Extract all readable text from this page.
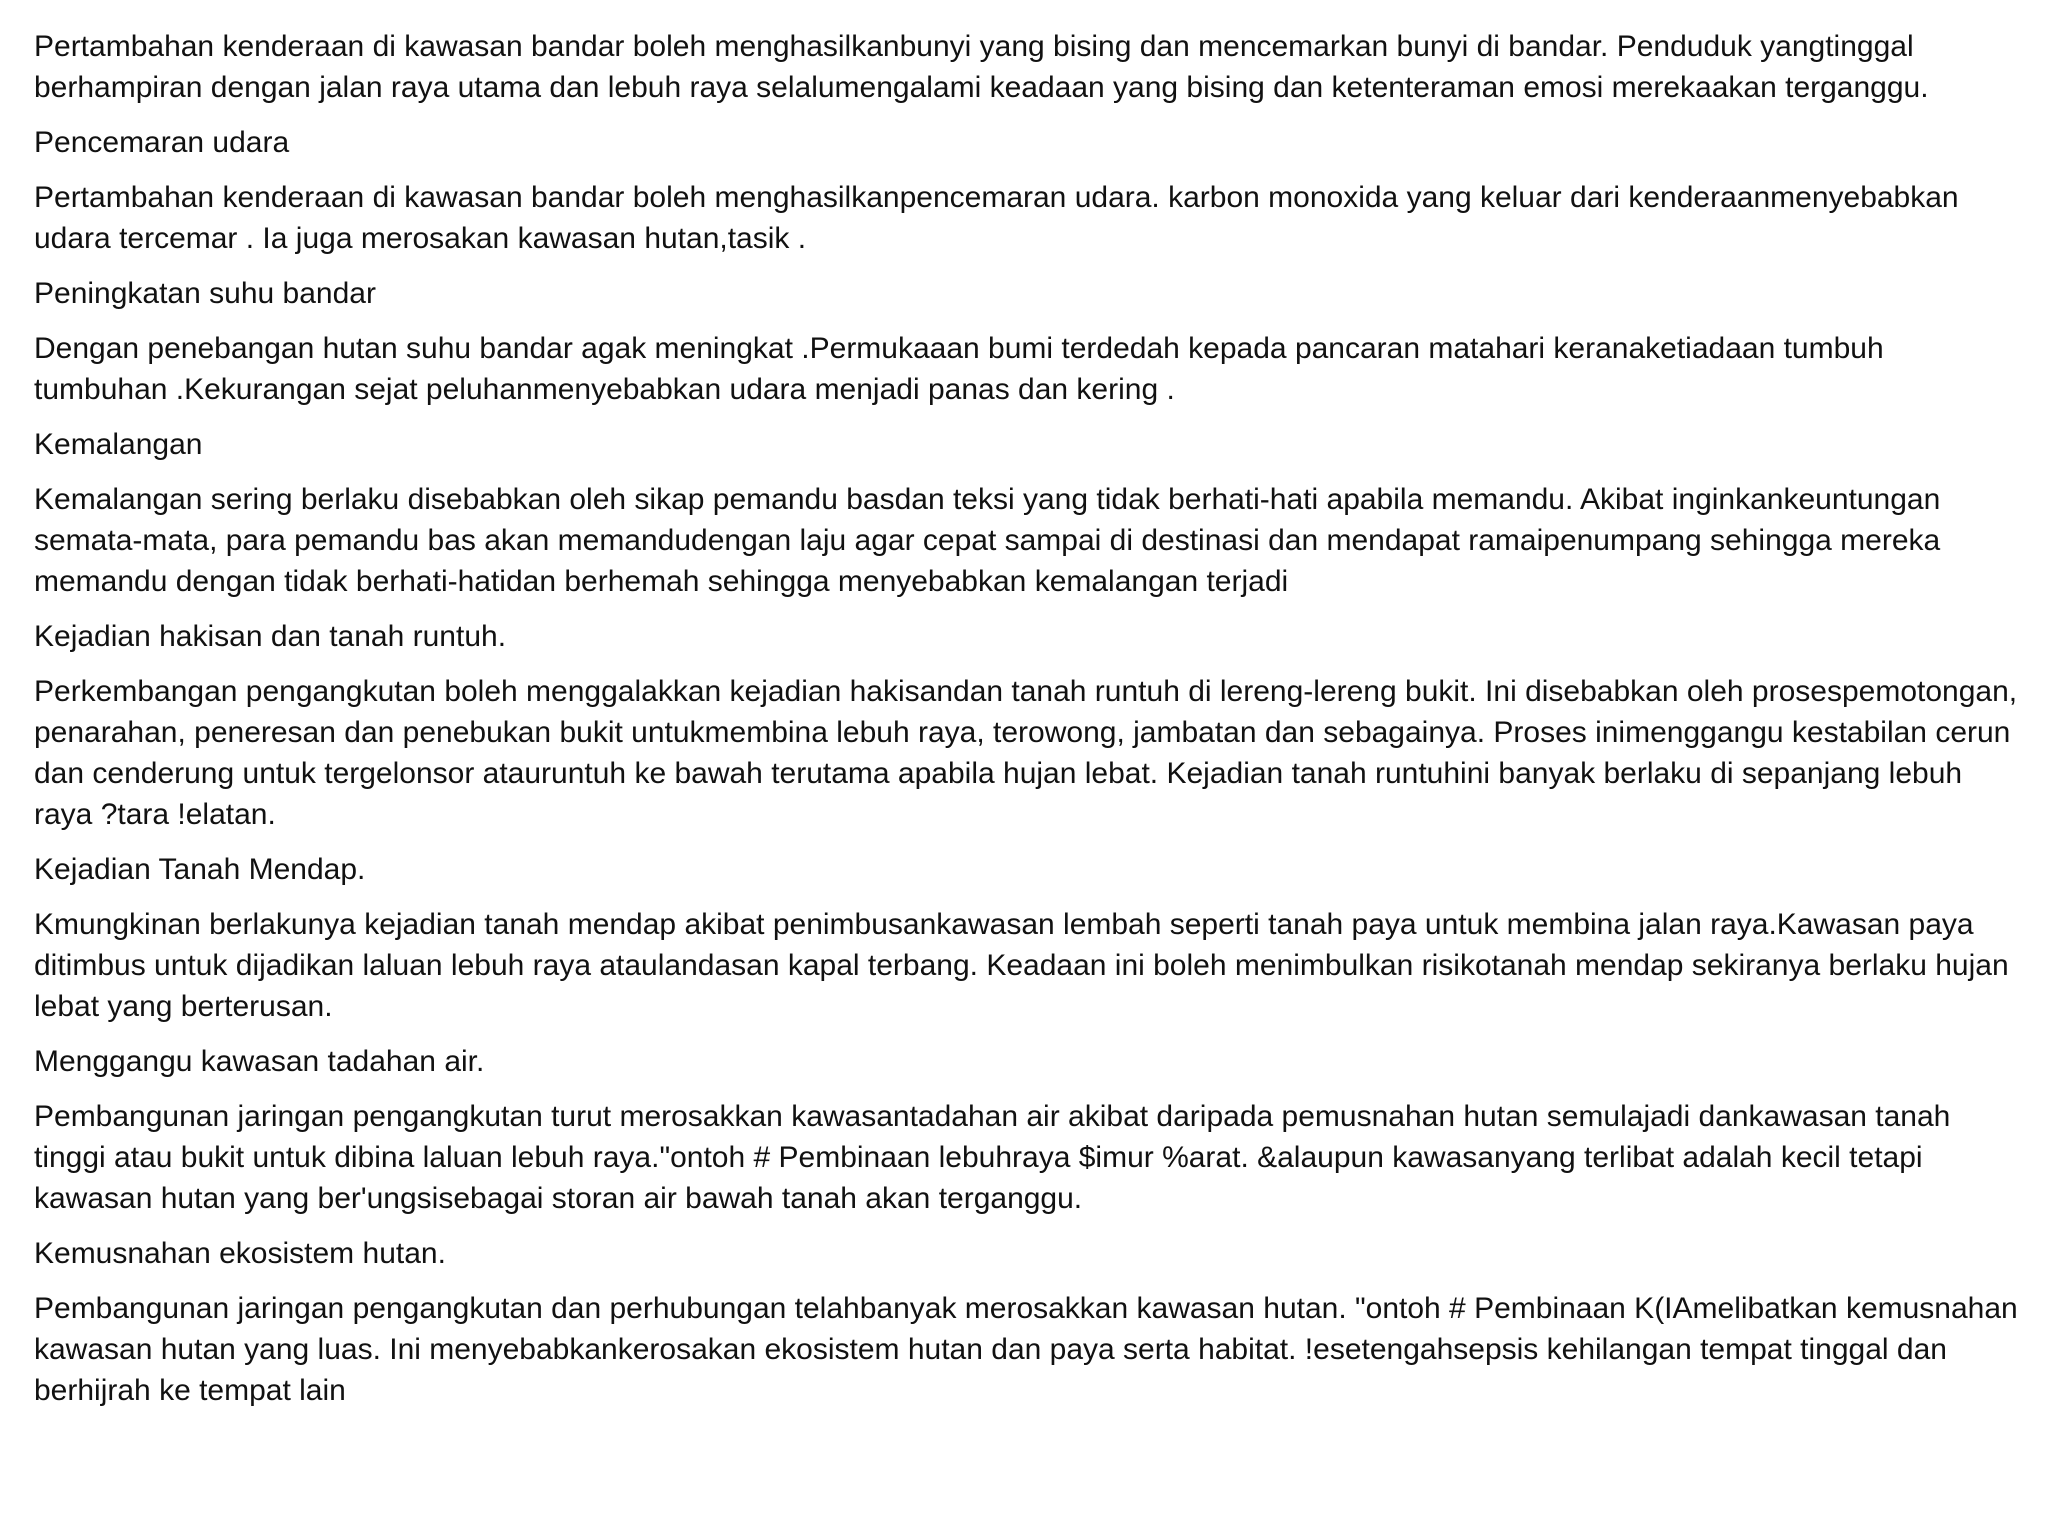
Pertambahan kenderaan di kawasan bandar boleh menghasilkanbunyi yang bising dan mencemarkan bunyi di bandar. Penduduk yangtinggal berhampiran dengan jalan raya utama dan lebuh raya selalumengalami keadaan yang bising dan ketenteraman emosi merekaakan terganggu.

Pencemaran udara

Pertambahan kenderaan di kawasan bandar boleh menghasilkanpencemaran udara. karbon monoxida yang keluar dari kenderaanmenyebabkan udara tercemar . Ia juga merosakan kawasan hutan,tasik .

Peningkatan suhu bandar

Dengan penebangan hutan suhu bandar agak meningkat .Permukaaan bumi terdedah kepada pancaran matahari keranaketiadaan tumbuh tumbuhan .Kekurangan sejat peluhanmenyebabkan udara menjadi panas dan kering .

Kemalangan

Kemalangan sering berlaku disebabkan oleh sikap pemandu basdan teksi yang tidak berhati-hati apabila memandu. Akibat inginkankeuntungan semata-mata, para pemandu bas akan memandudengan laju agar cepat sampai di destinasi dan mendapat ramaipenumpang sehingga mereka memandu dengan tidak berhati-hatidan berhemah sehingga menyebabkan kemalangan terjadi

Kejadian hakisan dan tanah runtuh.

Perkembangan pengangkutan boleh menggalakkan kejadian hakisandan tanah runtuh di lereng-lereng bukit. Ini disebabkan oleh prosespemotongan, penarahan, peneresan dan penebukan bukit untukmembina lebuh raya, terowong, jambatan dan sebagainya. Proses inimenggangu kestabilan cerun dan cenderung untuk tergelonsor atauruntuh ke bawah terutama apabila hujan lebat. Kejadian tanah runtuhini banyak berlaku di sepanjang lebuh raya ?tara !elatan.

Kejadian Tanah Mendap.

Kmungkinan berlakunya kejadian tanah mendap akibat penimbusankawasan lembah seperti tanah paya untuk membina jalan raya.Kawasan paya ditimbus untuk dijadikan laluan lebuh raya ataulandasan kapal terbang. Keadaan ini boleh menimbulkan risikotanah mendap sekiranya berlaku hujan lebat yang berterusan.

Menggangu kawasan tadahan air.

Pembangunan jaringan pengangkutan turut merosakkan kawasantadahan air akibat daripada pemusnahan hutan semulajadi dankawasan tanah tinggi atau bukit untuk dibina laluan lebuh raya."ontoh # Pembinaan lebuhraya $imur %arat. &alaupun kawasanyang terlibat adalah kecil tetapi kawasan hutan yang ber'ungsisebagai storan air bawah tanah akan terganggu.

Kemusnahan ekosistem hutan.

Pembangunan jaringan pengangkutan dan perhubungan telahbanyak merosakkan kawasan hutan. "ontoh # Pembinaan K(IAmelibatkan kemusnahan kawasan hutan yang luas. Ini menyebabkankerosakan ekosistem hutan dan paya serta habitat. !esetengahsepsis kehilangan tempat tinggal dan berhijrah ke tempat lain
